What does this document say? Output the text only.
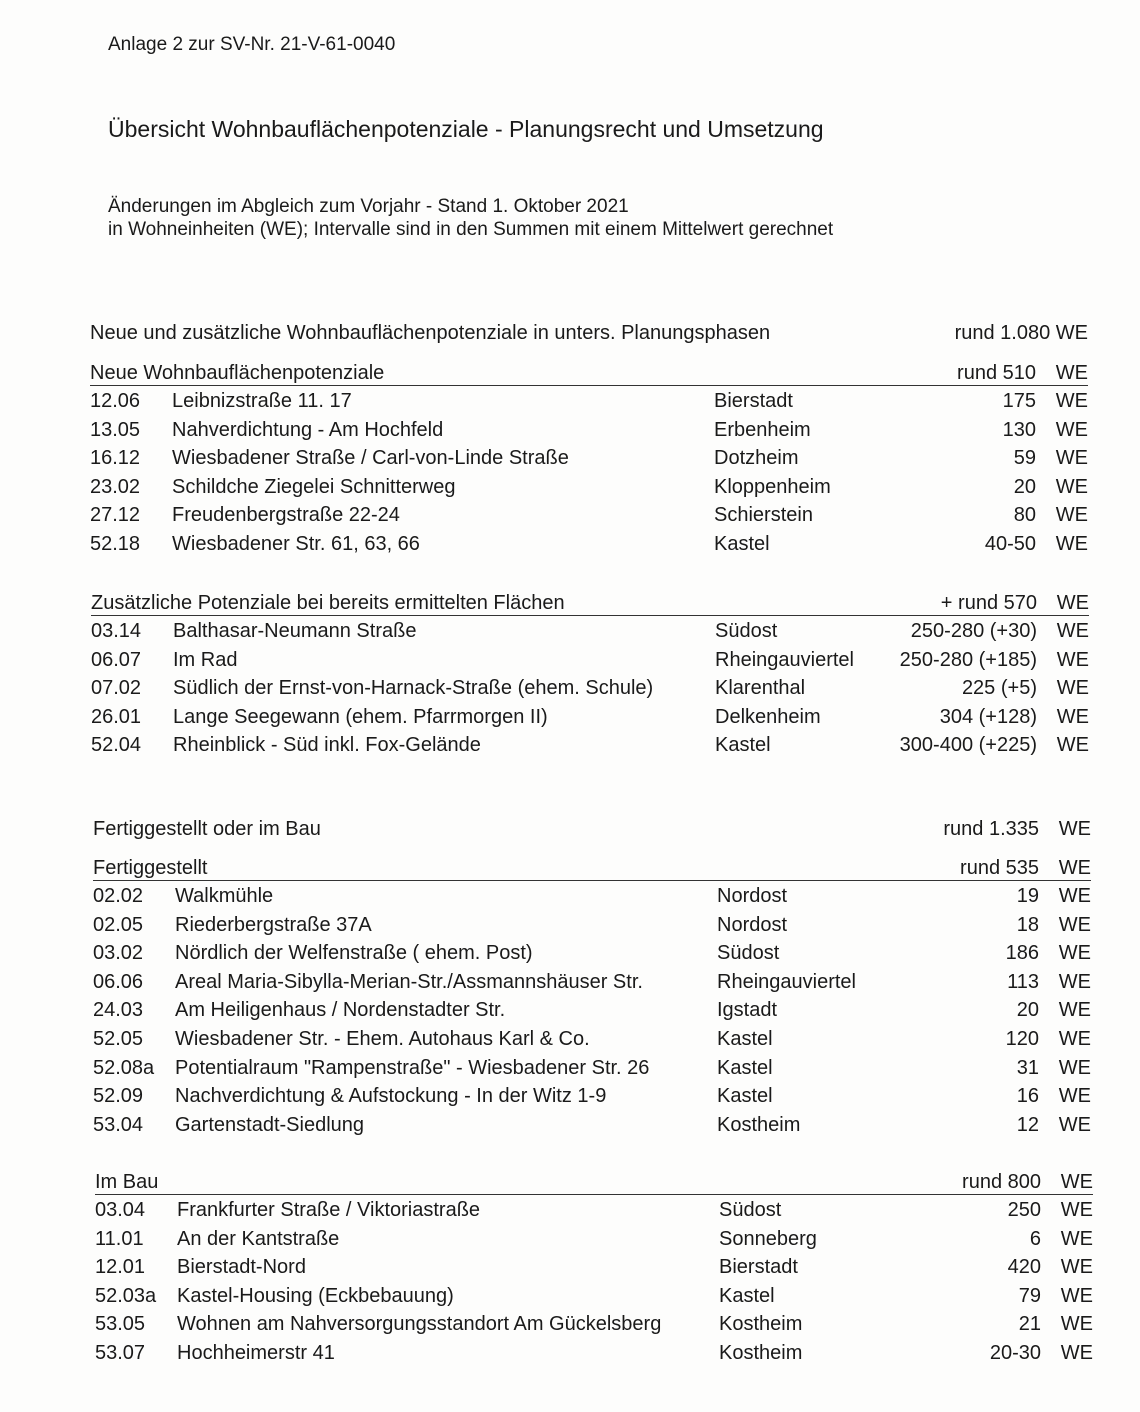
Anlage 2 zur SV-Nr. 21-V-61-0040
Übersicht Wohnbauflächenpotenziale - Planungsrecht und Umsetzung
Änderungen im Abgleich zum Vorjahr - Stand 1. Oktober 2021
in Wohneinheiten (WE); Intervalle sind in den Summen mit einem Mittelwert gerechnet
Neue und zusätzliche Wohnbauflächenpotenziale in unters. Planungsphasen	rund 1.080 WE
Neue Wohnbauflächenpotenziale	rund 510 WE
12.06 Leibnizstraße 11. 17	Bierstadt	175 WE
13.05 Nahverdichtung - Am Hochfeld	Erbenheim	130 WE
16.12 Wiesbadener Straße / Carl-von-Linde Straße	Dotzheim	59 WE
23.02 Schildche Ziegelei Schnitterweg	Kloppenheim	20 WE
27.12 Freudenbergstraße 22-24	Schierstein	80 WE
52.18 Wiesbadener Str. 61, 63, 66	Kastel	40-50 WE
Zusätzliche Potenziale bei bereits ermittelten Flächen	+ rund 570 WE
03.14 Balthasar-Neumann Straße	Südost	250-280 (+30) WE
06.07 Im Rad	Rheingauviertel 250-280 (+185) WE
07.02 Südlich der Ernst-von-Harnack-Straße (ehem. Schule)	Klarenthal	225 (+5) WE
26.01 Lange Seegewann (ehem. Pfarrmorgen II)	Delkenheim	304 (+128) WE
52.04 Rheinblick - Süd inkl. Fox-Gelände	Kastel	300-400 (+225) WE
Fertiggestellt oder im Bau	rund 1.335 WE
Fertiggestellt	rund 535 WE
02.02 Walkmühle	Nordost	19 WE
02.05 Riederbergstraße 37A	Nordost	18 WE
03.02 Nördlich der Welfenstraße ( ehem. Post)	Südost	186 WE
06.06 Areal Maria-Sibylla-Merian-Str./Assmannshäuser Str.	Rheingauviertel	113 WE
24.03 Am Heiligenhaus / Nordenstadter Str.	Igstadt	20 WE
52.05 Wiesbadener Str. - Ehem. Autohaus Karl & Co.	Kastel	120 WE
52.08a Potentialraum "Rampenstraße" - Wiesbadener Str. 26	Kastel	31 WE
52.09 Nachverdichtung & Aufstockung - In der Witz 1-9	Kastel	16 WE
53.04 Gartenstadt-Siedlung	Kostheim	12 WE
Im Bau	rund 800 WE
03.04 Frankfurter Straße / Viktoriastraße	Südost	250 WE
11.01 An der Kantstraße	Sonneberg	6 WE
12.01 Bierstadt-Nord	Bierstadt	420 WE
52.03a Kastel-Housing (Eckbebauung)	Kastel	79 WE
53.05 Wohnen am Nahversorgungsstandort Am Gückelsberg	Kostheim	21 WE
53.07 Hochheimerstr 41	Kostheim	20-30 WE
